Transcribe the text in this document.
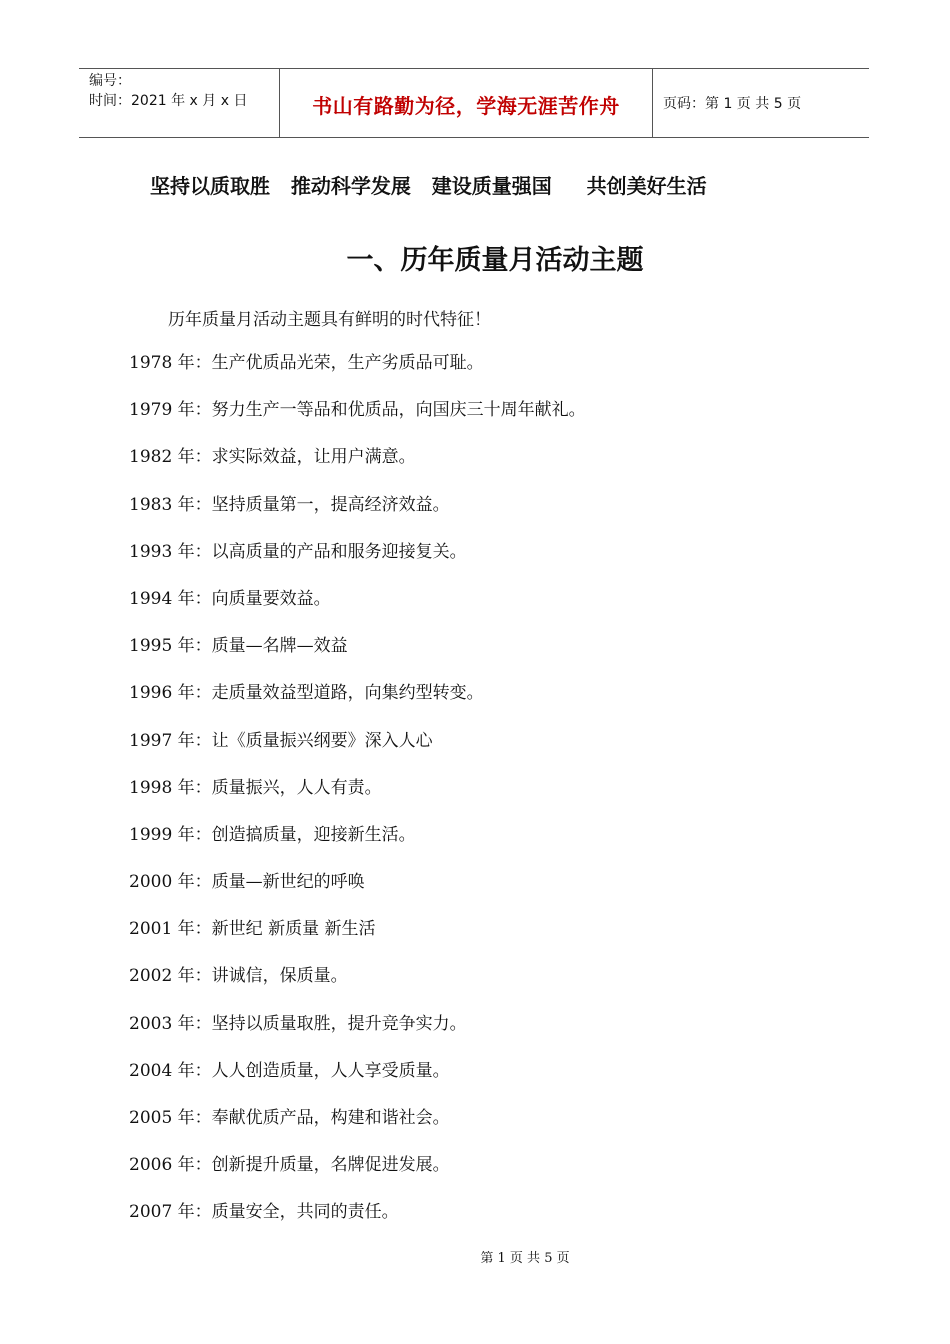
编号：
时间：2021 年 x 月 x 日	书山有路勤为径，学海无涯苦作舟	页码：第 1 页 共 5 页

坚持以质取胜   推动科学发展   建设质量强国     共创美好生活

一、历年质量月活动主题

历年质量月活动主题具有鲜明的时代特征！

1978 年：生产优质品光荣，生产劣质品可耻。
1979 年：努力生产一等品和优质品，向国庆三十周年献礼。
1982 年：求实际效益，让用户满意。
1983 年：坚持质量第一，提高经济效益。
1993 年：以高质量的产品和服务迎接复关。
1994 年：向质量要效益。
1995 年：质量—名牌—效益
1996 年：走质量效益型道路，向集约型转变。
1997 年：让《质量振兴纲要》深入人心
1998 年：质量振兴，人人有责。
1999 年：创造搞质量，迎接新生活。
2000 年：质量—新世纪的呼唤
2001 年：新世纪 新质量 新生活
2002 年：讲诚信，保质量。
2003 年：坚持以质量取胜，提升竞争实力。
2004 年：人人创造质量，人人享受质量。
2005 年：奉献优质产品，构建和谐社会。
2006 年：创新提升质量，名牌促进发展。
2007 年：质量安全，共同的责任。
第 1 页 共 5 页
